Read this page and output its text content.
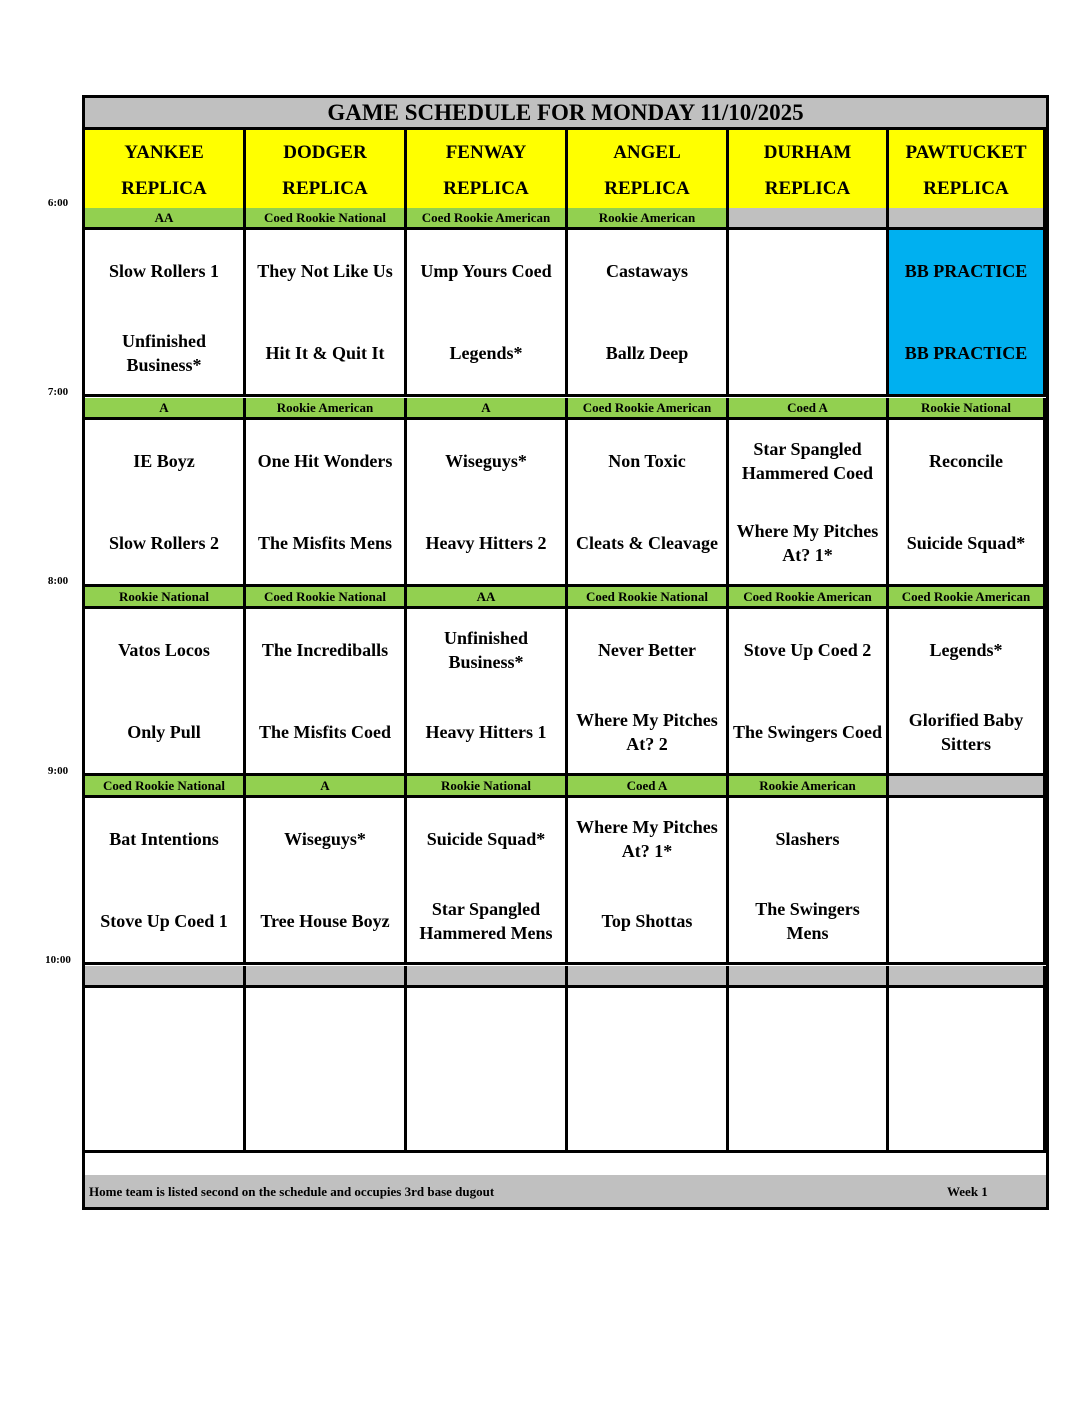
6:00
7:00
8:00
9:00
10:00
GAME SCHEDULE FOR MONDAY 11/10/2025
Home team is listed second on the schedule and occupies 3rd base dugout	Week 1
YANKEE
REPLICA
DODGER
REPLICA
FENWAY
REPLICA
ANGEL
REPLICA
DURHAM
REPLICA
PAWTUCKET
REPLICA
AA
Slow Rollers 1
Unfinished Business*
Coed Rookie National
They Not Like Us
Hit It & Quit It
Coed Rookie American
Ump Yours Coed
Legends*
Rookie American
Castaways
Ballz Deep
BB PRACTICE
BB PRACTICE
A
IE Boyz
Slow Rollers 2
Rookie American
One Hit Wonders
The Misfits Mens
A
Wiseguys*
Heavy Hitters 2
Coed Rookie American
Non Toxic
Cleats & Cleavage
Coed A
Star Spangled Hammered Coed
Where My Pitches At? 1*
Rookie National
Reconcile
Suicide Squad*
Rookie National
Vatos Locos
Only Pull
Coed Rookie National
The Incrediballs
The Misfits Coed
AA
Unfinished Business*
Heavy Hitters 1
Coed Rookie National
Never Better
Where My Pitches At? 2
Coed Rookie American
Stove Up Coed 2
The Swingers Coed
Coed Rookie American
Legends*
Glorified Baby Sitters
Coed Rookie National
Bat Intentions
Stove Up Coed 1
A
Wiseguys*
Tree House Boyz
Rookie National
Suicide Squad*
Star Spangled Hammered Mens
Coed A
Where My Pitches At? 1*
Top Shottas
Rookie American
Slashers
The Swingers Mens
